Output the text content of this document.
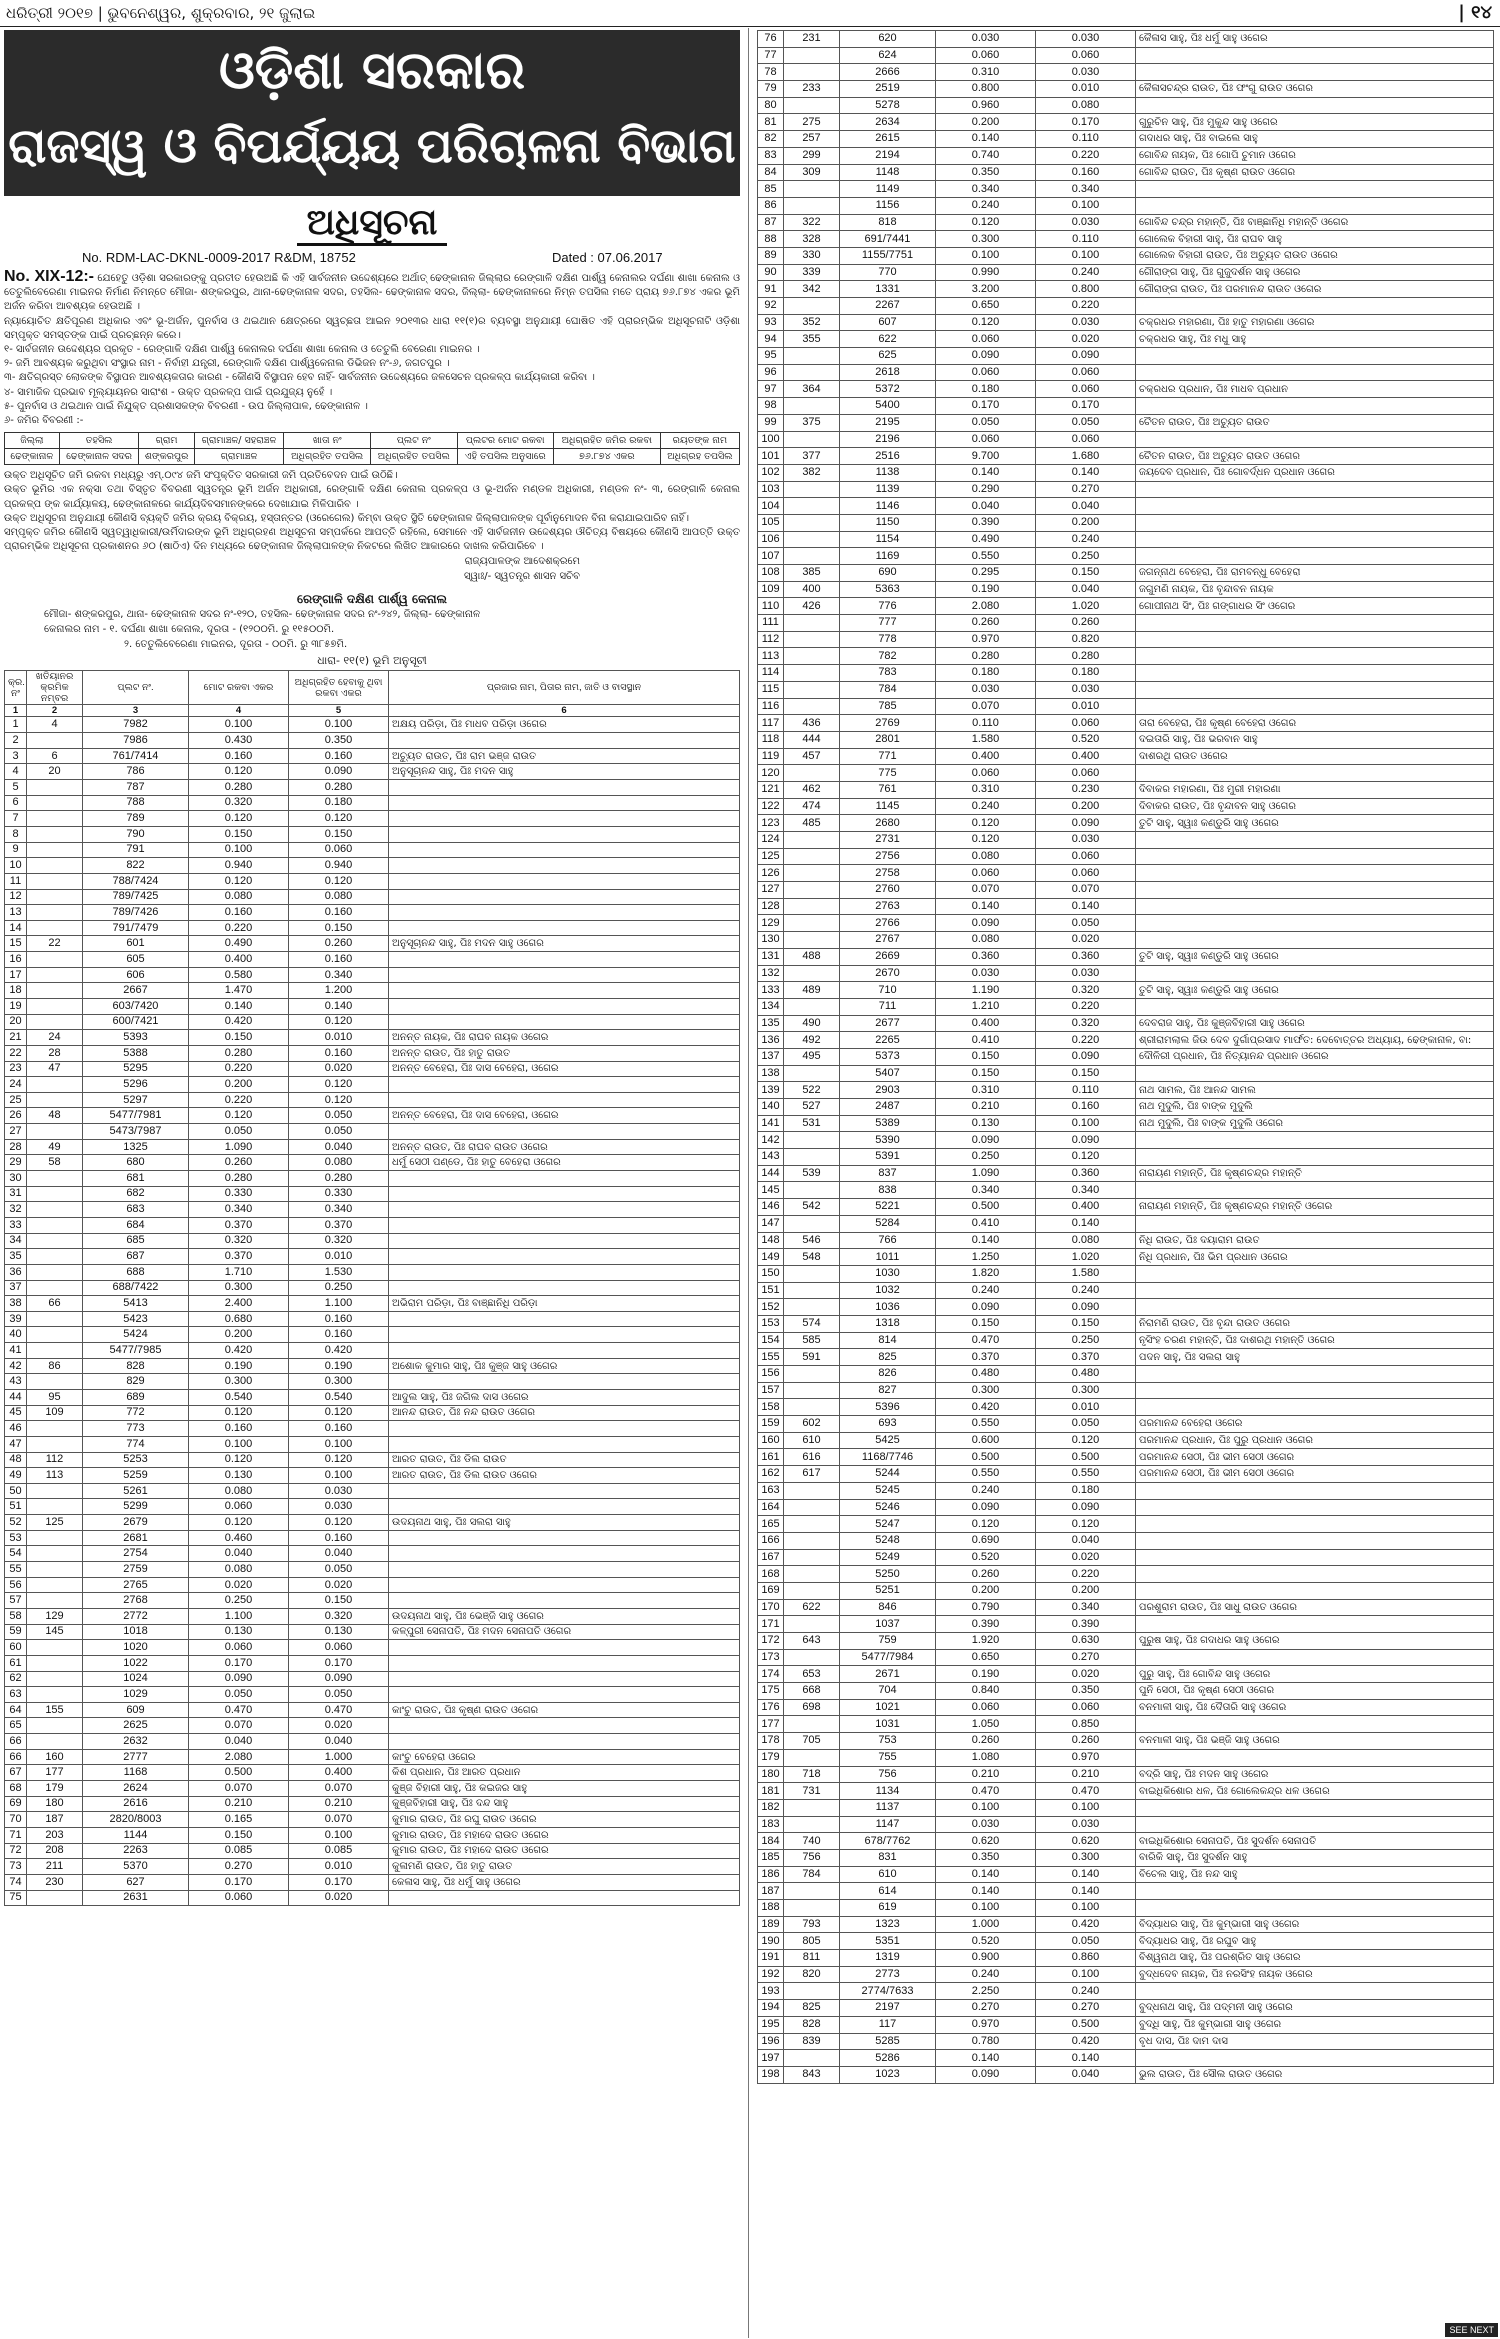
ଧରିତ୍ରୀ ୨୦୧୭ | ଭୁବନେଶ୍ୱର, ଶୁକ୍ରବାର, ୨୧ ଜୁଲାଇ	| ୧୪
ଓଡ଼ିଶା ସରକାର
ରାଜସ୍ୱ ଓ ବିପର୍ଯ୍ୟୟ ପରିଚାଳନା ବିଭାଗ
ଅଧିସୂଚନା
No. RDM-LAC-DKNL-0009-2017 R&DM, 18752	Dated : 07.06.2017

No. XIX-12:- ଯେହେତୁ ଓଡ଼ିଶା ସରକାରଙ୍କୁ ପ୍ରତୀତ ହେଉଅଛି କି ଏହି ସାର୍ବଜନୀନ ଉଦ୍ଦେଶ୍ୟରେ ଅର୍ଥାତ୍ ଢେଙ୍କାନାଳ ଜିଲ୍ଲାର ରେଙ୍ଗାଳି ଦକ୍ଷିଣ ପାର୍ଶ୍ୱ କେନାଲର ଦର୍ଘଣା ଶାଖା କେନାଲ ଓ ତେତୁଲିବେରେଣା ମାଇନର ନିର୍ମାଣ ନିମନ୍ତେ ମୌଜା- ଶଙ୍କରପୁର, ଥାନା-ଢେଙ୍କାନାଳ ସଦର, ତହସିଲ- ଢେଙ୍କାନାଳ ସଦର, ଜିଲ୍ଲା- ଢେଙ୍କାନାଳରେ ନିମ୍ନ ତପସିଲ ମତେ ପ୍ରାୟ ୭୬.୮୭୪ ଏକର ଭୂମି ଅର୍ଜନ କରିବା ଆବଶ୍ୟକ ହେଉଅଛି ।

ନ୍ୟାୟୋଚିତ କ୍ଷତିପୂରଣ ଅଧିକାର ଏବଂ ଭୂ-ଅର୍ଜନ, ପୁନର୍ବାସ ଓ ଥଇଥାନ କ୍ଷେତ୍ରରେ ସ୍ୱଚ୍ଛତା ଆଇନ ୨୦୧୩ର ଧାରା ୧୧(୧)ର ବ୍ୟବସ୍ଥା ଅନୁଯାୟୀ ଘୋଷିତ ଏହି ପ୍ରାରମ୍ଭିକ ଅଧିସୂଚନାଟି ଓଡ଼ିଶା ସମ୍ପୃକ୍ତ ସମସ୍ତଙ୍କ ପାଇଁ ପ୍ରଚ୍ଛନ୍ନ କରେ।

୧- ସାର୍ବଜନୀନ ଉଦ୍ଦେଶ୍ୟର ପ୍ରକୃତ - ରେଙ୍ଗାଳି ଦକ୍ଷିଣ ପାର୍ଶ୍ୱ କେନାଲର ଦର୍ଘଣା ଶାଖା କେନାଲ ଓ ତେତୁଲି ବେରେଣା ମାଇନର ।

୨- ଜମି ଆବଶ୍ୟକ କରୁଥିବା ସଂସ୍ଥାର ନାମ - ନିର୍ବାହୀ ଯନ୍ତ୍ରୀ, ରେଙ୍ଗାଳି ଦକ୍ଷିଣ ପାର୍ଶ୍ୱକେନାଲ ଡିଭିଜନ ନଂ-୬, ଜଗତପୁର ।

୩- କ୍ଷତିଗ୍ରସ୍ତ ଲୋକଙ୍କ ବିସ୍ଥାପନ ଆବଶ୍ୟକତାର କାରଣ - କୌଣସି ବିସ୍ଥାପନ ହେବ ନାହିଁ- ସାର୍ବଜନୀନ ଉଦ୍ଦେଶ୍ୟରେ ଜଳସେଚନ ପ୍ରକଳ୍ପ କାର୍ଯ୍ୟକାରୀ କରିବା ।

୪- ସାମାଜିକ ପ୍ରଭାବ ମୂଲ୍ୟାୟନର ସାରାଂଶ - ଉକ୍ତ ପ୍ରକଳ୍ପ ପାଇଁ ପ୍ରଯୁଜ୍ୟ ନୁହେଁ ।

୫- ପୁନର୍ବାସ ଓ ଥଇଥାନ ପାଇଁ ନିଯୁକ୍ତ ପ୍ରଶାସକଙ୍କ ବିବରଣୀ - ଉପ ଜିଲ୍ଲାପାଳ, ଢେଙ୍କାନାଳ ।

୬- ଜମିର ବିବରଣୀ :-

ଜିଲ୍ଲା	ତହସିଲ	ଗ୍ରାମ	ଗ୍ରାମାଞ୍ଚଳ/ ସହରାଞ୍ଚଳ	ଖାତା ନଂ	ପ୍ଲଟ ନଂ	ପ୍ଲଟର ମୋଟ ରକବା	ଅଧିଗ୍ରହିତ ଜମିର ରକବା	ରୟତଙ୍କ ନାମ
ଢେଙ୍କାନାଳ	ଢେଙ୍କାନାଳ ସଦର	ଶଙ୍କରପୁର	ଗ୍ରାମାଞ୍ଚଳ	ଅଧିଗ୍ରହିତ ତପସିଲ	ଅଧିଗ୍ରହିତ ତପସିଲ	ଏହି ତପସିଲ ଅନୁସାରେ	୭୬.୮୭୪ ଏକର	ଅଧିଗ୍ରହ ତପସିଲ

ଉକ୍ତ ଅଧିସୂଚିତ ଜମି ରକବା ମଧ୍ୟରୁ ଏମ୍.୦୯୪ ଜମି ସଂପୃକ୍ତିତ ସରକାରୀ ଜମି ପ୍ରତିବେଦନ ପାଇଁ ଉଠିଛି।

ଉକ୍ତ ଭୂମିର ଏକ ନକ୍ସା ତଥା ବିସ୍ତୃତ ବିବରଣୀ ସ୍ୱତନ୍ତ୍ର ଭୂମି ଅର୍ଜନ ଅଧିକାରୀ, ରେଙ୍ଗାଳି ଦକ୍ଷିଣ କେନାଲ ପ୍ରକଳ୍ପ ଓ ଭୂ-ଅର୍ଜନ ମଣ୍ଡଳ ଅଧିକାରୀ, ମଣ୍ଡଳ ନଂ- ୩, ରେଙ୍ଗାଳି କେନାଲ ପ୍ରକଳ୍ପ ଙ୍କ କାର୍ଯ୍ୟାଳୟ, ଢେଙ୍କାନାଳରେ କାର୍ଯ୍ୟଦିବସମାନଙ୍କରେ ଦେଖାଯାଇ ମିଳିପାରିବ ।

ଉକ୍ତ ଅଧିସୂଚନା ଅନୁଯାୟୀ କୌଣସି ବ୍ୟକ୍ତି ଜମିର କ୍ରୟ ବିକ୍ରୟ, ହସ୍ତାନ୍ତର (ଓରେଗେଲ) କିମ୍ବା ଉକ୍ତ ସ୍ଥିତି ଢେଙ୍କାନାଳ ଜିଲ୍ଲାପାଳଙ୍କ ପୂର୍ବାନୁମୋଦନ ବିନା କରାଯାଇପାରିବ ନାହିଁ।

ସମ୍ପୃକ୍ତ ଜମିର କୌଣସି ସ୍ୱତ୍ୱାଧିକାରୀ/ଉର୍ମିଦାରଙ୍କ ଭୂମି ଅଧିଗ୍ରହଣ ଅଧିସୂଚନା ସମ୍ପର୍କରେ ଆପତ୍ତି ରହିଲେ, ସେମାନେ ଏହି ସାର୍ବଜନୀନ ଉଦ୍ଦେଶ୍ୟର ଔଚିତ୍ୟ ବିଷୟରେ କୌଣସି ଆପତ୍ତି ଉକ୍ତ ପ୍ରାରମ୍ଭିକ ଅଧିସୂଚନା ପ୍ରକାଶନର ୬୦ (ଷାଠିଏ) ଦିନ ମଧ୍ୟରେ ଢେଙ୍କାନାଳ ଜିଲ୍ଲାପାଳଙ୍କ ନିକଟରେ ଲିଖିତ ଆକାରରେ ଦାଖଲ କରିପାରିବେ ।

ରାଜ୍ୟପାଳଙ୍କ ଆଦେଶକ୍ରମେ
ସ୍ୱାଃ/- ସ୍ୱତନ୍ତ୍ର ଶାସନ ସଚିବ
ରେଙ୍ଗାଳି ଦକ୍ଷିଣ ପାର୍ଶ୍ୱ କେନାଲ
ମୌଜା- ଶଙ୍କରପୁର, ଥାନା- ଢେଙ୍କାନାଳ ସଦର ନଂ-୧୨୦, ତହସିଲ- ଢେଙ୍କାନାଳ ସଦର ନଂ-୨୪୨, ଜିଲ୍ଲା- ଢେଙ୍କାନାଳ
କେନାଲର ନାମ - ୧. ଦର୍ଘଣା ଶାଖା କେନାଲ, ଦୂରତା - (୧୨୦୦ମି. ରୁ ୧୧୫୦୦ମି.
୨. ତେତୁଲିବେରେଣା ମାଇନର, ଦୂରତା - ୦୦ମି. ରୁ ୩୮୫୭ମି.
ଧାରା- ୧୧(୧) ଭୂମି ଅନୁସୂଚୀ
କ୍ର. ନଂ	ଖତିୟାନର କ୍ରମିକ ନମ୍ବର	ପ୍ଲଟ ନଂ.	ମୋଟ ରକବା ଏକର	ଅଧିଗ୍ରହିତ ହେବାକୁ ଥିବା ରକବା ଏକର	ପ୍ରଜାର ନାମ, ପିତାର ନାମ, ଜାତି ଓ ବାସସ୍ଥାନ
1	2	3	4	5	6
1	4	7982	0.100	0.100	ଅକ୍ଷୟ ପରିଡ଼ା, ପିଃ ମାଧବ ପରିଡ଼ା ଓଗେର
2		7986	0.430	0.350	
3	6	761/7414	0.160	0.160	ଅଚ୍ୟୁତ ରାଉତ, ପିଃ ରାମ ଭଞ୍ଜ ରାଉତ
4	20	786	0.120	0.090	ଅନୁସୂଚାନନ୍ଦ ସାହୁ, ପିଃ ମଦନ ସାହୁ
5		787	0.280	0.280	
6		788	0.320	0.180	
7		789	0.120	0.120	
8		790	0.150	0.150	
9		791	0.100	0.060	
10		822	0.940	0.940	
11		788/7424	0.120	0.120	
12		789/7425	0.080	0.080	
13		789/7426	0.160	0.160	
14		791/7479	0.220	0.150	
15	22	601	0.490	0.260	ଅନୁସୂଚାନନ୍ଦ ସାହୁ, ପିଃ ମଦନ ସାହୁ ଓଗେର
16		605	0.400	0.160	
17		606	0.580	0.340	
18		2667	1.470	1.200	
19		603/7420	0.140	0.140	
20		600/7421	0.420	0.120	
21	24	5393	0.150	0.010	ଅନନ୍ତ ନାୟକ, ପିଃ ରାଘବ ନାୟକ ଓଗେର
22	28	5388	0.280	0.160	ଅନନ୍ତ ରାଉତ, ପିଃ ହାତୁ ରାଉତ
23	47	5295	0.220	0.020	ଅନନ୍ତ ବେହେରା, ପିଃ ଦାସ ବେହେରା, ଓଗେର
24		5296	0.200	0.120	
25		5297	0.220	0.120	
26	48	5477/7981	0.120	0.050	ଅନନ୍ତ ବେହେରା, ପିଃ ଦାସ ବେହେରା, ଓଗେର
27		5473/7987	0.050	0.050	
28	49	1325	1.090	0.040	ଅନନ୍ତ ରାଉତ, ପିଃ ରାଘବ ରାଉତ ଓଗେର
29	58	680	0.260	0.080	ଧର୍ମୁ ସେଠୀ ପଣ୍ଡେ, ପିଃ ହାତୁ ବେହେରା ଓଗେର
30		681	0.280	0.280	
31		682	0.330	0.330	
32		683	0.340	0.340	
33		684	0.370	0.370	
34		685	0.320	0.320	
35		687	0.370	0.010	
36		688	1.710	1.530	
37		688/7422	0.300	0.250	
38	66	5413	2.400	1.100	ଅଭିରାମ ପରିଡ଼ା, ପିଃ ବାଞ୍ଛାନିଧି ପରିଡ଼ା
39		5423	0.680	0.160	
40		5424	0.200	0.160	
41		5477/7985	0.420	0.420	
42	86	828	0.190	0.190	ଅଶୋକ କୁମାର ସାହୁ, ପିଃ କୁଞ୍ଜ ସାହୁ ଓଗେର
43		829	0.300	0.300	
44	95	689	0.540	0.540	ଆଦୁଲ ସାହୁ, ପିଃ ଜଗିଲ ଦାସ ଓଗେର
45	109	772	0.120	0.120	ଆନନ୍ଦ ରାଉତ, ପିଃ ନନ୍ଦ ରାଉତ ଓଗେର
46		773	0.160	0.160	
47		774	0.100	0.100	
48	112	5253	0.120	0.120	ଆରତ ରାଉତ, ପିଃ ଡିଲ ରାଉତ
49	113	5259	0.130	0.100	ଆରତ ରାଉତ, ପିଃ ଡିଲ ରାଉତ ଓଗେର
50		5261	0.080	0.030	
51		5299	0.060	0.030	
52	125	2679	0.120	0.120	ଉଦୟନାଥ ସାହୁ, ପିଃ ସଲରା ସାହୁ
53		2681	0.460	0.160	
54		2754	0.040	0.040	
55		2759	0.080	0.050	
56		2765	0.020	0.020	
57		2768	0.250	0.150	
58	129	2772	1.100	0.320	ଉଦୟନାଥ ସାହୁ, ପିଃ ଭେଞ୍ଜି ସାହୁ ଓଗେର
59	145	1018	0.130	0.130	କଳ୍ପୁରୀ ସେନାପତି, ପିଃ ମଦନ ସେନାପତି ଓଗେର
60		1020	0.060	0.060	
61		1022	0.170	0.170	
62		1024	0.090	0.090	
63		1029	0.050	0.050	
64	155	609	0.470	0.470	କାଂଚୁ ରାଉତ, ପିଃ କୃଷ୍ଣ ରାଉତ ଓଗେର
65		2625	0.070	0.020	
66		2632	0.040	0.040	
66	160	2777	2.080	1.000	କାଂଚୁ ବେହେରା ଓଗେର
67	177	1168	0.500	0.400	କିଶ ପ୍ରଧାନ, ପିଃ ଆରତ ପ୍ରଧାନ
68	179	2624	0.070	0.070	କୁଞ୍ଜ ବିହାରୀ ସାହୁ, ପିଃ କଇଜର ସାହୁ
69	180	2616	0.210	0.210	କୁଞ୍ଜବିହାରୀ ସାହୁ, ପିଃ ଦନ୍ଦ ସାହୁ
70	187	2820/8003	0.165	0.070	କୁମାର ରାଉତ, ପିଃ ରଘୁ ରାଉତ ଓଗେର
71	203	1144	0.150	0.100	କୁମାର ରାଉତ, ପିଃ ମହାଦେ ରାଉତ ଓଗେର
72	208	2263	0.085	0.085	କୁମାର ରାଉତ, ପିଃ ମହାଦେ ରାଉତ ଓଗେର
73	211	5370	0.270	0.010	କୁଳାମଣି ରାଉତ, ପିଃ ହାତୁ ରାଉତ
74	230	627	0.170	0.170	କେଳାସ ସାହୁ, ପିଃ ଧର୍ମୁ ସାହୁ ଓଗେର
75		2631	0.060	0.020	
76	231	620	0.030	0.030	କୈଳାସ ସାହୁ, ପିଃ ଧର୍ମୁ ସାହୁ ଓଗେର
77		624	0.060	0.060	
78		2666	0.310	0.030	
79	233	2519	0.800	0.010	କୈଳାସଚନ୍ଦ୍ର ରାଉତ, ପିଃ ଫଂଗୁ ରାଉତ ଓଗେର
80		5278	0.960	0.080	
81	275	2634	0.200	0.170	ଗୁରୁଚିନ ସାହୁ, ପିଃ ମୁକୁନ୍ଦ ସାହୁ ଓଗେର
82	257	2615	0.140	0.110	ଗଦାଧର ସାହୁ, ପିଃ ବାଇଲେ ସାହୁ
83	299	2194	0.740	0.220	ଗୋବିନ୍ଦ ନାୟକ, ପିଃ ଗୋପି ଚୁମାନ ଓଗେର
84	309	1148	0.350	0.160	ଗୋବିନ୍ଦ ରାଉତ, ପିଃ କୃଷ୍ଣ ରାଉତ ଓଗେର
85		1149	0.340	0.340	
86		1156	0.240	0.100	
87	322	818	0.120	0.030	ଗୋବିନ୍ଦ ଚନ୍ଦ୍ର ମହାନ୍ତି, ପିଃ ବାଞ୍ଛାନିଧି ମହାନ୍ତି ଓଗେର
88	328	691/7441	0.300	0.110	ଗୋଲେକ ବିହାରୀ ସାହୁ, ପିଃ ରାଘବ ସାହୁ
89	330	1155/7751	0.100	0.100	ଗୋଲେକ ବିହାରୀ ରାଉତ, ପିଃ ଅଚ୍ୟୁତ ରାଉତ ଓଗେର
90	339	770	0.990	0.240	ଗୌରାଙ୍ଗ ସାହୁ, ପିଃ ଗୁଜୁଦର୍ଶନ ସାହୁ ଓଗେର
91	342	1331	3.200	0.800	ଗୌରାଙ୍ଗ ରାଉତ, ପିଃ ପରମାନନ୍ଦ ରାଉତ ଓଗେର
92		2267	0.650	0.220	
93	352	607	0.120	0.030	ଚକ୍ରଧର ମହାରଣା, ପିଃ ହାତୁ ମହାରଣା ଓଗେର
94	355	622	0.060	0.020	ଚକ୍ରଧର ସାହୁ, ପିଃ ମଧୁ ସାହୁ
95		625	0.090	0.090	
96		2618	0.060	0.060	
97	364	5372	0.180	0.060	ଚକ୍ରଧର ପ୍ରଧାନ, ପିଃ ମାଧବ ପ୍ରଧାନ
98		5400	0.170	0.170	
99	375	2195	0.050	0.050	ଚୈତନ ରାଉତ, ପିଃ ଅଚ୍ୟୁତ ରାଉତ
100		2196	0.060	0.060	
101	377	2516	9.700	1.680	ଚୈତନ ରାଉତ, ପିଃ ଅଚ୍ୟୁତ ରାଉତ ଓଗେର
102	382	1138	0.140	0.140	ଜୟଦେବ ପ୍ରଧାନ, ପିଃ ଗୋବର୍ଦ୍ଧନ ପ୍ରଧାନ ଓଗେର
103		1139	0.290	0.270	
104		1146	0.040	0.040	
105		1150	0.390	0.200	
106		1154	0.490	0.240	
107		1169	0.550	0.250	
108	385	690	0.295	0.150	ଜଗନ୍ନାଥ ବେହେରା, ପିଃ ରାମବନ୍ଧୁ ବେହେରା
109	400	5363	0.190	0.040	ଜଗୁମଣି ନାୟକ, ପିଃ ବୃନ୍ଦାବନ ନାୟକ
110	426	776	2.080	1.020	ଗୋପୀନାଥ ସିଂ, ପିଃ ଗଙ୍ଗାଧର ସିଂ ଓଗେର
111		777	0.260	0.260	
112		778	0.970	0.820	
113		782	0.280	0.280	
114		783	0.180	0.180	
115		784	0.030	0.030	
116		785	0.070	0.010	
117	436	2769	0.110	0.060	ତାରା ବେହେରା, ପିଃ କୃଷ୍ଣ ବେହେରା ଓଗେର
118	444	2801	1.580	0.520	ଦଇତାରି ସାହୁ, ପିଃ ଭରବାନ ସାହୁ
119	457	771	0.400	0.400	ଦାଶରଥି ରାଉତ ଓଗେର
120		775	0.060	0.060	
121	462	761	0.310	0.230	ଦିବାକର ମହାରଣା, ପିଃ ମୁରୀ ମହାରଣା
122	474	1145	0.240	0.200	ଦିବାକର ରାଉତ, ପିଃ ବୃନ୍ଦାବନ ସାହୁ ଓଗେର
123	485	2680	0.120	0.090	ତୁଟି ସାହୁ, ସ୍ୱାଃ କଣ୍ଡୁରି ସାହୁ ଓଗେର
124		2731	0.120	0.030	
125		2756	0.080	0.060	
126		2758	0.060	0.060	
127		2760	0.070	0.070	
128		2763	0.140	0.140	
129		2766	0.090	0.050	
130		2767	0.080	0.020	
131	488	2669	0.360	0.360	ତୁଟି ସାହୁ, ସ୍ୱାଃ କଣ୍ଡୁରି ସାହୁ ଓଗେର
132		2670	0.030	0.030	
133	489	710	1.190	0.320	ତୁଟି ସାହୁ, ସ୍ୱାଃ କଣ୍ଡୁରି ସାହୁ ଓଗେର
134		711	1.210	0.220	
135	490	2677	0.400	0.320	ଦେବରାଜ ସାହୁ, ପିଃ କୁଞ୍ଜବିହାରୀ ସାହୁ ଓଗେର
136	492	2265	0.410	0.220	ଶ୍ରୀରାମଲାଲ ଜିଉ ଦେବ ଦୁର୍ଗାପ୍ରସାଦ ମାର୍ଫତ: ଦେବୋତ୍ତର ଅଧ୍ୟାୟ, ଢେଙ୍କାନାଳ, ବା:
137	495	5373	0.150	0.090	ଦୌଳିରୀ ପ୍ରଧାନ, ପିଃ ନିତ୍ୟାନନ୍ଦ ପ୍ରଧାନ ଓଗେର
138		5407	0.150	0.150	
139	522	2903	0.310	0.110	ନାଥ ସାମଲ, ପିଃ ଆନନ୍ଦ ସାମଲ
140	527	2487	0.210	0.160	ନାଥ ମୁଦୁଲି, ପିଃ ବାଙ୍କ ମୁଦୁଲି
141	531	5389	0.130	0.100	ନାଥ ମୁଦୁଲି, ପିଃ ବାଙ୍କ ମୁଦୁଲି ଓଗେର
142		5390	0.090	0.090	
143		5391	0.250	0.120	
144	539	837	1.090	0.360	ନାରାୟଣ ମହାନ୍ତି, ପିଃ କୃଷ୍ଣଚନ୍ଦ୍ର ମହାନ୍ତି
145		838	0.340	0.340	
146	542	5221	0.500	0.400	ନାରାୟଣ ମହାନ୍ତି, ପିଃ କୃଷ୍ଣଚନ୍ଦ୍ର ମହାନ୍ତି ଓଗେର
147		5284	0.410	0.140	
148	546	766	0.140	0.080	ନିଧି ରାଉତ, ପିଃ ଦୟାରାମ ରାଉତ
149	548	1011	1.250	1.020	ନିଧି ପ୍ରଧାନ, ପିଃ ଭିମ ପ୍ରଧାନ ଓଗେର
150		1030	1.820	1.580	
151		1032	0.240	0.240	
152		1036	0.090	0.090	
153	574	1318	0.150	0.150	ନିରାମଣି ରାଉତ, ପିଃ ବୃନ୍ଦା ରାଉତ ଓଗେର
154	585	814	0.470	0.250	ନୃସିଂହ ଚରଣ ମହାନ୍ତି, ପିଃ ଦାଶରଥି ମହାନ୍ତି ଓଗେର
155	591	825	0.370	0.370	ପଦନ ସାହୁ, ପିଃ ସଲରା ସାହୁ
156		826	0.480	0.480	
157		827	0.300	0.300	
158		5396	0.420	0.010	
159	602	693	0.550	0.050	ପରମାନନ୍ଦ ବେହେରା ଓଗେର
160	610	5425	0.600	0.120	ପରମାନନ୍ଦ ପ୍ରଧାନ, ପିଃ ପୁରୁ ପ୍ରଧାନ ଓଗେର
161	616	1168/7746	0.500	0.500	ପରମାନନ୍ଦ ସେଠୀ, ପିଃ ଭୀମ ସେଠୀ ଓଗେର
162	617	5244	0.550	0.550	ପରମାନନ୍ଦ ସେଠୀ, ପିଃ ଭୀମ ସେଠୀ ଓଗେର
163		5245	0.240	0.180	
164		5246	0.090	0.090	
165		5247	0.120	0.120	
166		5248	0.690	0.040	
167		5249	0.520	0.020	
168		5250	0.260	0.220	
169		5251	0.200	0.200	
170	622	846	0.790	0.340	ପରଶୁରାମ ରାଉତ, ପିଃ ସାଧୁ ରାଉତ ଓଗେର
171		1037	0.390	0.390	
172	643	759	1.920	0.630	ପୁରୁଷ ସାହୁ, ପିଃ ଗଦାଧର ସାହୁ ଓଗେର
173		5477/7984	0.650	0.270	
174	653	2671	0.190	0.020	ପୁରୁ ସାହୁ, ପିଃ ଗୋବିନ୍ଦ ସାହୁ ଓଗେର
175	668	704	0.840	0.350	ପୁନି ସେଠୀ, ପିଃ କୃଷ୍ଣ ସେଠୀ ଓଗେର
176	698	1021	0.060	0.060	ବନମାଳୀ ସାହୁ, ପିଃ ଦୈତାରି ସାହୁ ଓଗେର
177		1031	1.050	0.850	
178	705	753	0.260	0.260	ବନମାଳୀ ସାହୁ, ପିଃ ଭଞ୍ଜି ସାହୁ ଓଗେର
179		755	1.080	0.970	
180	718	756	0.210	0.210	ବଦ୍ରି ସାହୁ, ପିଃ ମଦନ ସାହୁ ଓଗେର
181	731	1134	0.470	0.470	ବାଇଧିକିଶୋର ଧଳ, ପିଃ ଗୋଲେକନ୍ଦ୍ର ଧଳ ଓଗେର
182		1137	0.100	0.100	
183		1147	0.030	0.030	
184	740	678/7762	0.620	0.620	ବାଇଧିକିଶୋର ସେନାପତି, ପିଃ ସୁଦର୍ଶନ ସେନାପତି
185	756	831	0.350	0.300	ବାରିକି ସାହୁ, ପିଃ ସୁଦର୍ଶନ ସାହୁ
186	784	610	0.140	0.140	ବିଚେଲ ସାହୁ, ପିଃ ନନ୍ଦ ସାହୁ
187		614	0.140	0.140	
188		619	0.100	0.100	
189	793	1323	1.000	0.420	ବିଦ୍ୟାଧର ସାହୁ, ପିଃ କୁମ୍ଭାରୀ ସାହୁ ଓଗେର
190	805	5351	0.520	0.050	ବିଦ୍ୟାଧର ସାହୁ, ପିଃ ରଘୁବ ସାହୁ
191	811	1319	0.900	0.860	ବିଶ୍ୱନାଥ ସାହୁ, ପିଃ ପରଶ୍ରିତ ସାହୁ ଓଗେର
192	820	2773	0.240	0.100	ବୁଦ୍ଧଦେବ ନାୟକ, ପିଃ ନରସିଂହ ନାୟକ ଓଗେର
193		2774/7633	2.250	0.240	
194	825	2197	0.270	0.270	ବୁଦ୍ଧନାଥ ସାହୁ, ପିଃ ପଦ୍ମନୀ ସାହୁ ଓଗେର
195	828	117	0.970	0.500	ବୁଦ୍ଧି ସାହୁ, ପିଃ କୁମ୍ଭାରୀ ସାହୁ ଓଗେର
196	839	5285	0.780	0.420	ବୃଧ ଦାସ, ପିଃ ଦାମ ଦାସ
197		5286	0.140	0.140	
198	843	1023	0.090	0.040	ଭୁଲ ରାଉତ, ପିଃ ସୌଲ ରାଉତ ଓଗେର
SEE NEXT
